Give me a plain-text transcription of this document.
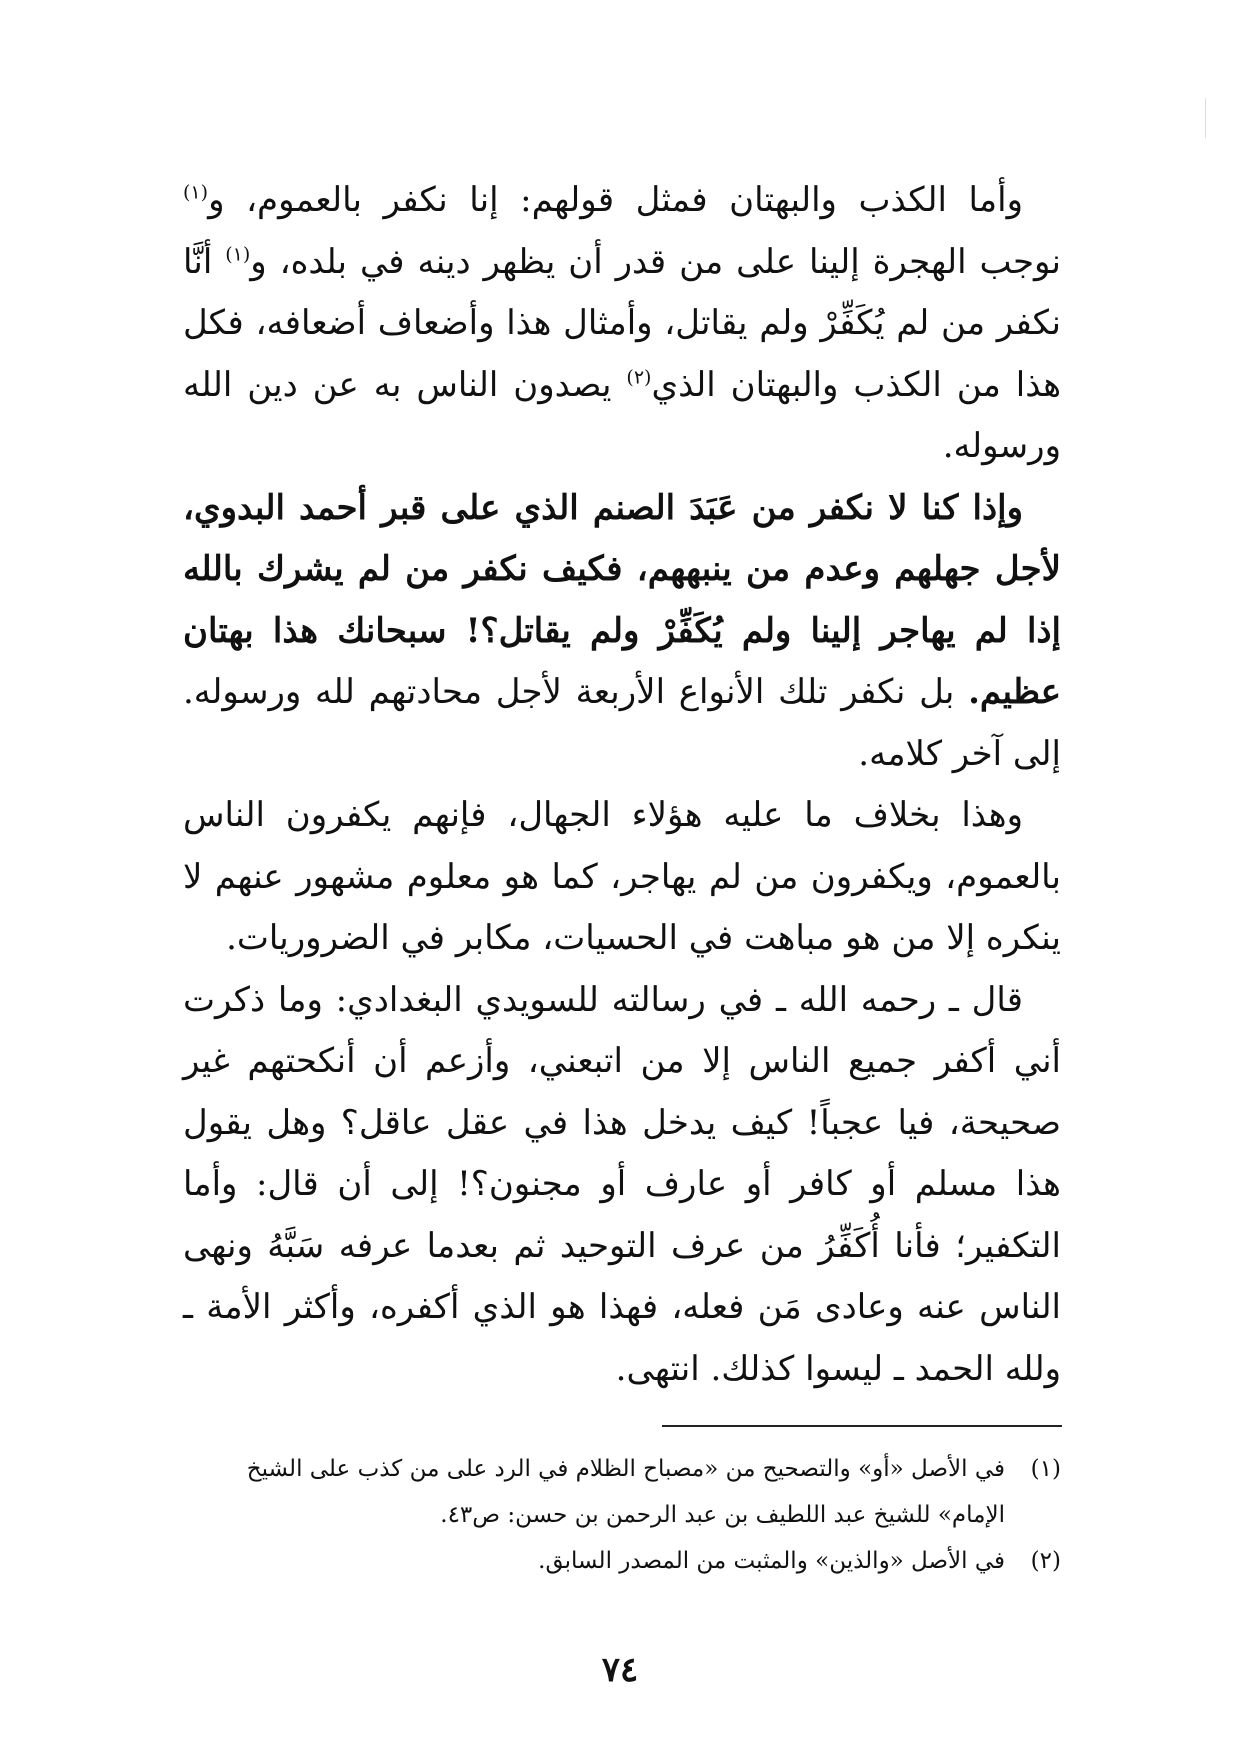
وأما الكذب والبهتان فمثل قولهم: إنا نكفر بالعموم، و$^{(١)}$ نوجب الهجرة إلينا على من قدر أن يظهر دينه في بلده، و$^{(١)}$ أنَّا نكفر من لم يُكَفِّرْ ولم يقاتل، وأمثال هذا وأضعاف أضعافه، فكل هذا من الكذب والبهتان الذي$^{(٢)}$ يصدون الناس به عن دين الله ورسوله.

وإذا كنا لا نكفر من عَبَدَ الصنم الذي على قبر أحمد البدوي، لأجل جهلهم وعدم من ينبههم، فكيف نكفر من لم يشرك بالله إذا لم يهاجر إلينا ولم يُكَفِّرْ ولم يقاتل؟! سبحانك هذا بهتان عظيم. بل نكفر تلك الأنواع الأربعة لأجل محادتهم لله ورسوله. إلى آخر كلامه.

وهذا بخلاف ما عليه هؤلاء الجهال، فإنهم يكفرون الناس بالعموم، ويكفرون من لم يهاجر، كما هو معلوم مشهور عنهم لا ينكره إلا من هو مباهت في الحسيات، مكابر في الضروريات.

قال ـ رحمه الله ـ في رسالته للسويدي البغدادي: وما ذكرت أني أكفر جميع الناس إلا من اتبعني، وأزعم أن أنكحتهم غير صحيحة، فيا عجباً! كيف يدخل هذا في عقل عاقل؟ وهل يقول هذا مسلم أو كافر أو عارف أو مجنون؟! إلى أن قال: وأما التكفير؛ فأنا أُكَفِّرُ من عرف التوحيد ثم بعدما عرفه سَبَّهُ ونهى الناس عنه وعادى مَن فعله، فهذا هو الذي أكفره، وأكثر الأمة ـ ولله الحمد ـ ليسوا كذلك. انتهى.

(١)
في الأصل «أو» والتصحيح من «مصباح الظلام في الرد على من كذب على الشيخ الإمام» للشيخ عبد اللطيف بن عبد الرحمن بن حسن: ص٤٣.
(٢)
في الأصل «والذين» والمثبت من المصدر السابق.
٧٤
